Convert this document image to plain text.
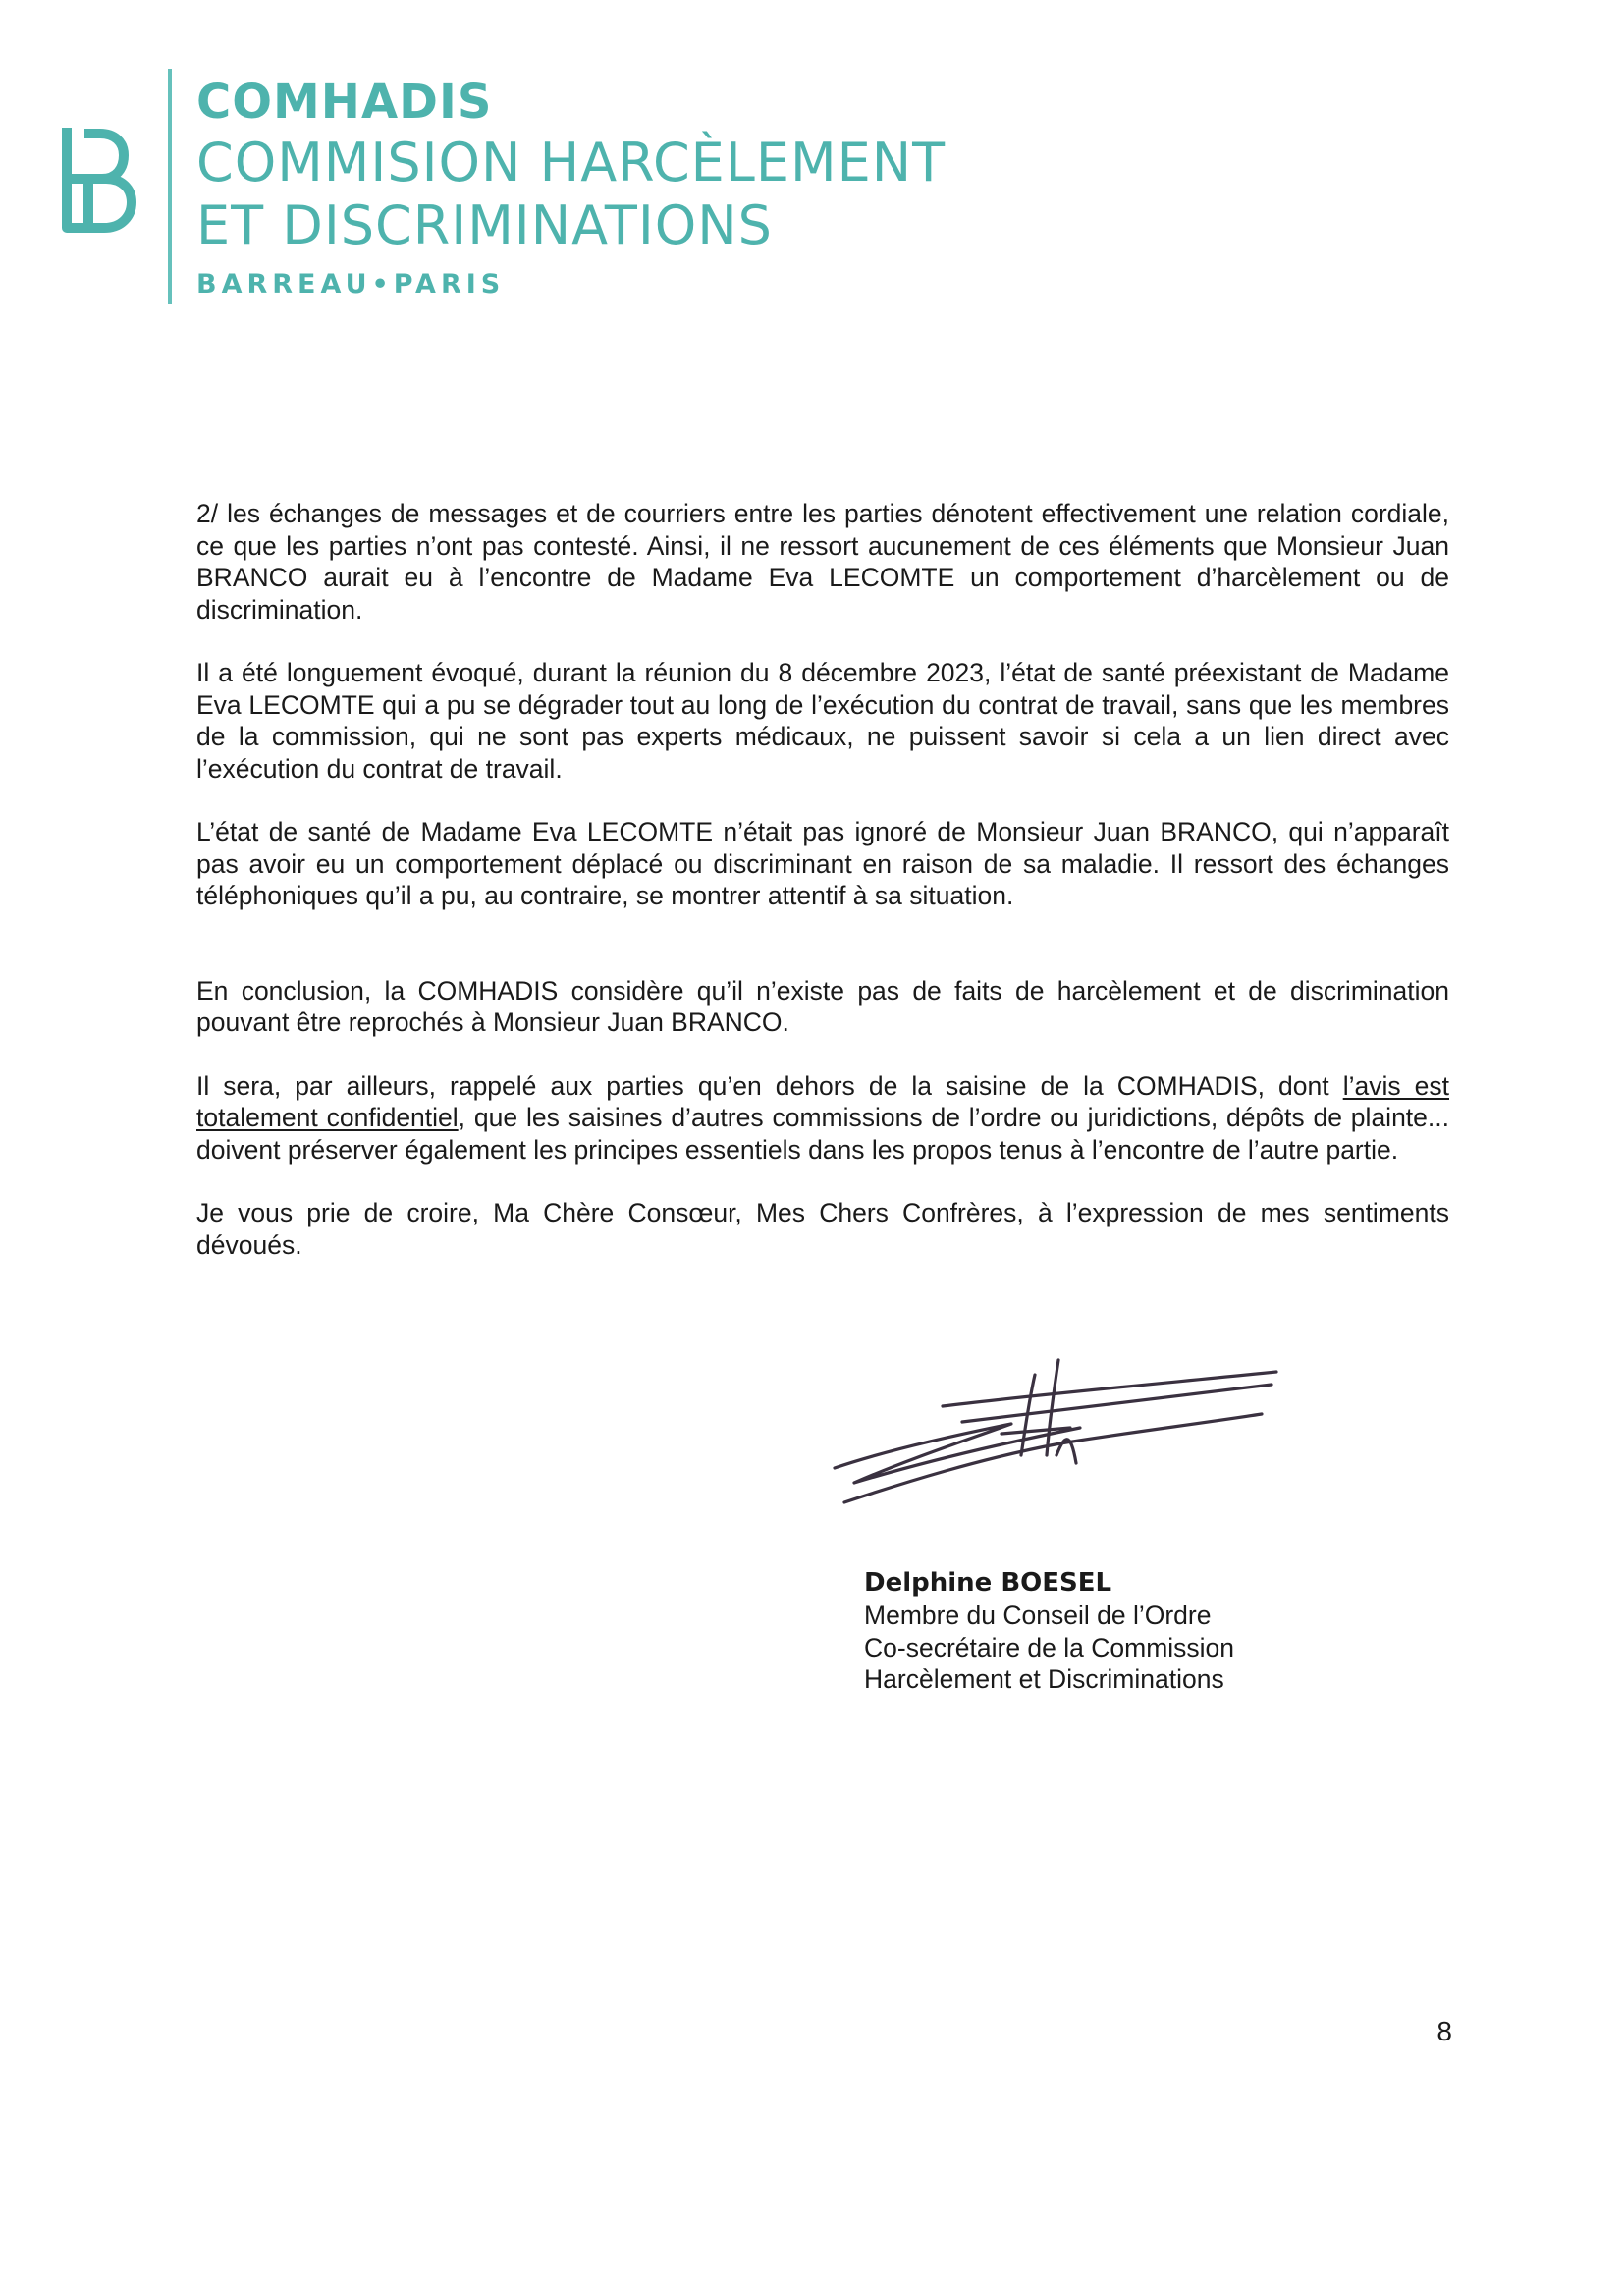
COMHADIS
COMMISION HARCÈLEMENT
ET DISCRIMINATIONS
BARREAU•PARIS

2/ les échanges de messages et de courriers entre les parties dénotent effectivement une relation cordiale, ce que les parties n’ont pas contesté. Ainsi, il ne ressort aucunement de ces éléments que Monsieur Juan BRANCO aurait eu à l’encontre de Madame Eva LECOMTE un comportement d’harcèlement ou de discrimination.

Il a été longuement évoqué, durant la réunion du 8 décembre 2023, l’état de santé préexistant de Madame Eva LECOMTE qui a pu se dégrader tout au long de l’exécution du contrat de travail, sans que les membres de la commission, qui ne sont pas experts médicaux, ne puissent savoir si cela a un lien direct avec l’exécution du contrat de travail.

L’état de santé de Madame Eva LECOMTE n’était pas ignoré de Monsieur Juan BRANCO, qui n’apparaît pas avoir eu un comportement déplacé ou discriminant en raison de sa maladie. Il ressort des échanges téléphoniques qu’il a pu, au contraire, se montrer attentif à sa situation.

En conclusion, la COMHADIS considère qu’il n’existe pas de faits de harcèlement et de discrimination pouvant être reprochés à Monsieur Juan BRANCO.

Il sera, par ailleurs, rappelé aux parties qu’en dehors de la saisine de la COMHADIS, dont l’avis est totalement confidentiel, que les saisines d’autres commissions de l’ordre ou juridictions, dépôts de plainte... doivent préserver également les principes essentiels dans les propos tenus à l’encontre de l’autre partie.

Je vous prie de croire, Ma Chère Consœur, Mes Chers Confrères, à l’expression de mes sentiments dévoués.

Delphine BOESEL
Membre du Conseil de l’Ordre
Co-secrétaire de la Commission
Harcèlement et Discriminations
8
